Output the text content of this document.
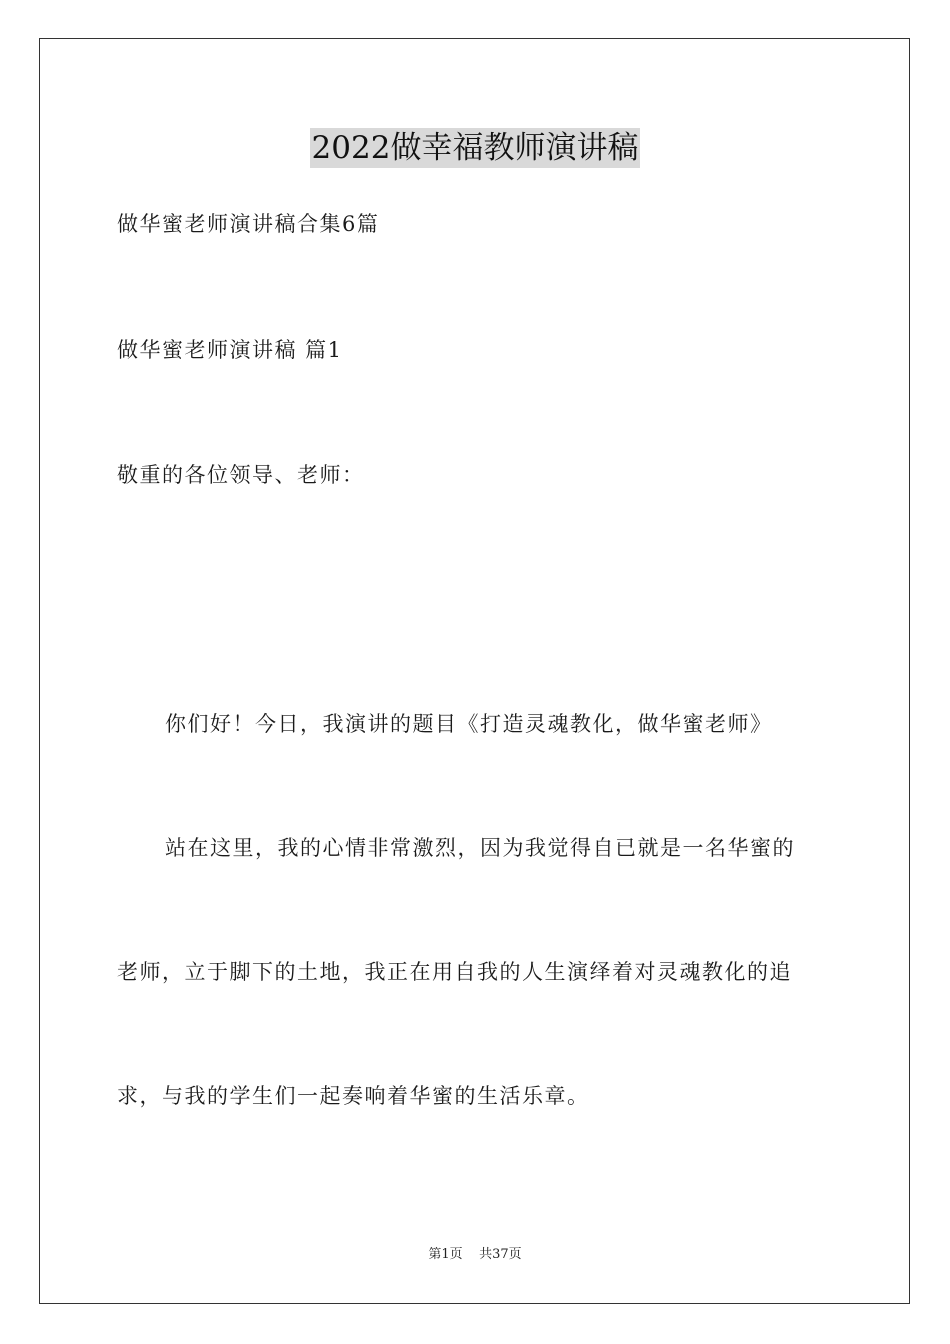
2022做幸福教师演讲稿
做华蜜老师演讲稿合集6篇
做华蜜老师演讲稿 篇1
敬重的各位领导、老师：
你们好！今日，我演讲的题目《打造灵魂教化，做华蜜老师》
站在这里，我的心情非常激烈，因为我觉得自已就是一名华蜜的
老师，立于脚下的土地，我正在用自我的人生演绎着对灵魂教化的追
求，与我的学生们一起奏响着华蜜的生活乐章。
第1页 共37页
